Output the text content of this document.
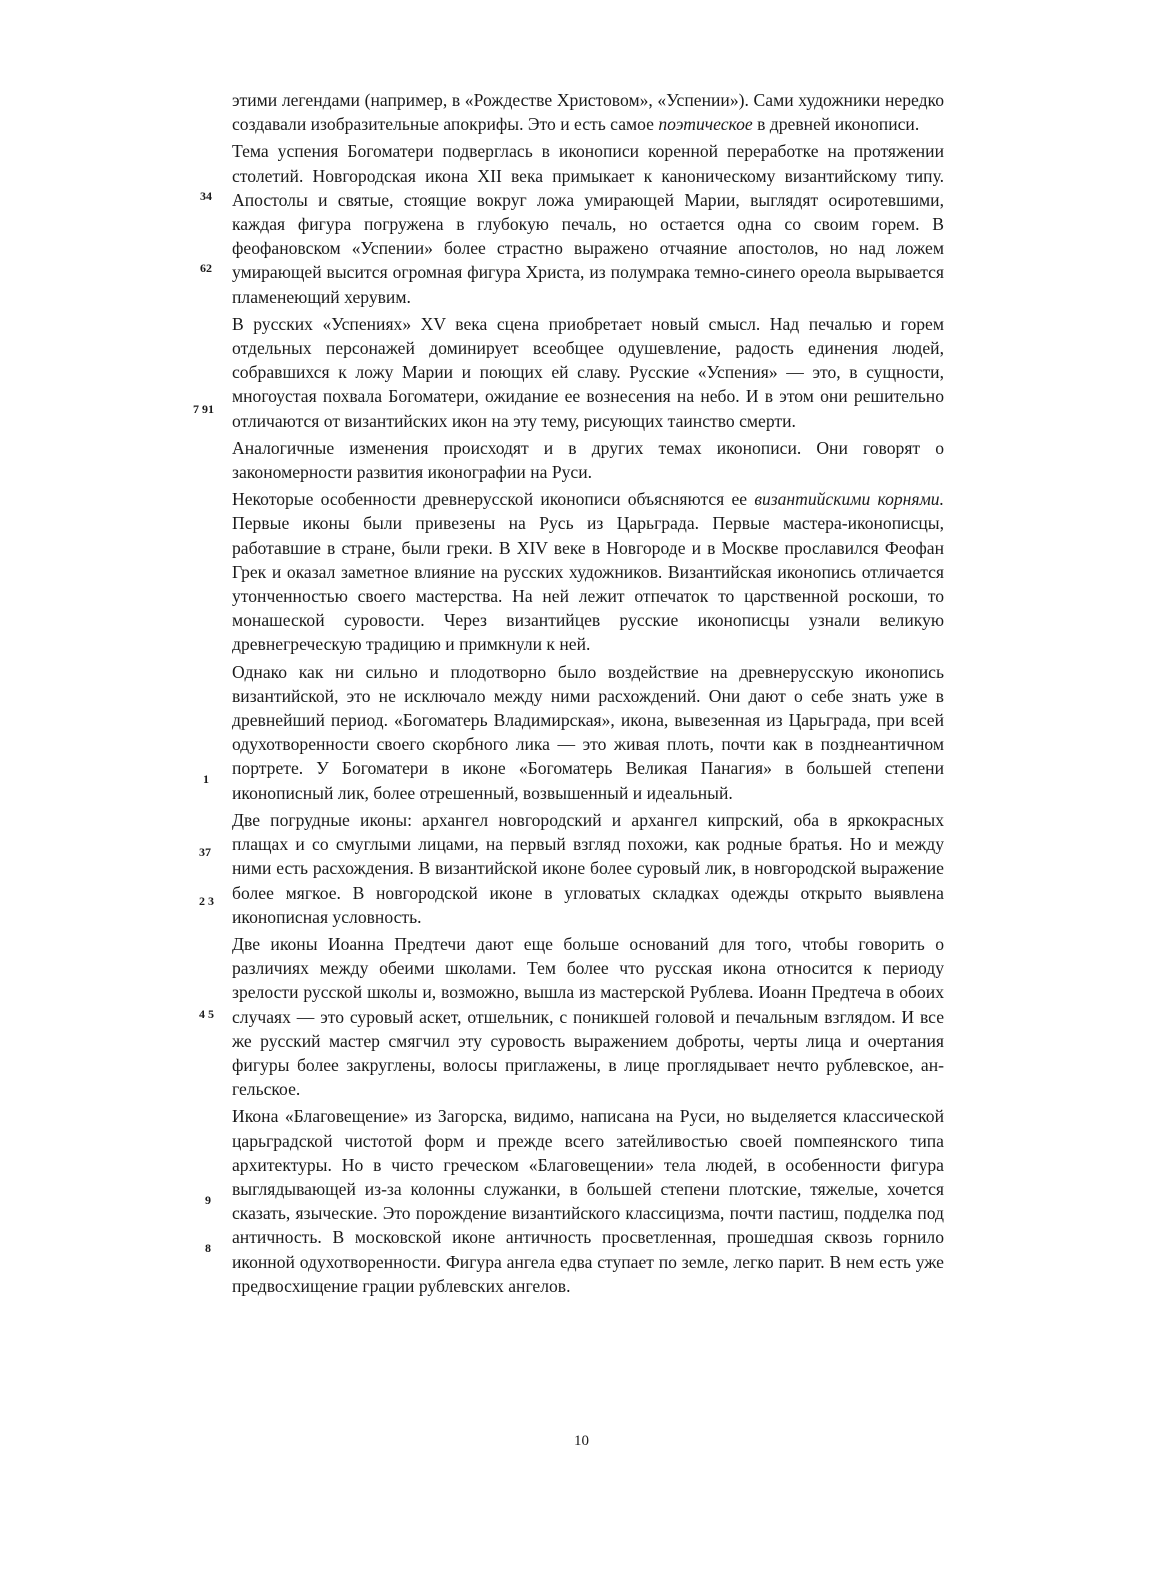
этими легендами (например, в «Рождестве Христовом», «Успении»). Сами художники нередко создавали изобразительные апокрифы. Это и есть самое поэтическое в древней иконописи.

Тема успения Богоматери подверглась в иконописи коренной переработке на протяжении столетий. Новгородская икона XII века примыкает к каноническому византийскому типу. Апостолы и святые, стоящие вокруг ложа умирающей Марии, выглядят осиротевшими, каждая фигура погружена в глубокую печаль, но остается одна со своим горем. В феофановском «Успении» более страстно выражено отчаяние апостолов, но над ложем умирающей высится огромная фигура Христа, из полумрака темно-синего ореола вырывается пламенеющий херувим.

В русских «Успениях» XV века сцена приобретает новый смысл. Над печалью и горем отдельных персонажей доминирует всеобщее одушевление, радость единения людей, собравшихся к ложу Марии и поющих ей славу. Русские «Успения» — это, в сущности, многоустая похвала Богоматери, ожидание ее вознесения на небо. И в этом они решительно отличаются от византийских икон на эту тему, рисующих таинство смерти.

Аналогичные изменения происходят и в других темах иконописи. Они говорят о закономерности развития иконографии на Руси.

Некоторые особенности древнерусской иконописи объясняются ее византийскими корнями. Первые иконы были привезены на Русь из Царьграда. Первые мастера-иконописцы, работавшие в стране, были греки. В XIV веке в Новгороде и в Москве прославился Феофан Грек и оказал заметное влияние на русских художников. Византийская иконопись отличается утонченностью своего мастерства. На ней лежит отпечаток то царственной роскоши, то монашеской суровости. Через византийцев русские иконописцы узнали великую древнегреческую традицию и примкнули к ней.

Однако как ни сильно и плодотворно было воздействие на древнерусскую иконопись византийской, это не исключало между ними расхождений. Они дают о себе знать уже в древнейший период. «Богоматерь Владимирская», икона, вывезенная из Царьграда, при всей одухотворенности своего скорбного лика — это живая плоть, почти как в позднеантичном портрете. У Богоматери в иконе «Богоматерь Великая Панагия» в большей степени иконописный лик, более отрешенный, возвышенный и идеальный.

Две погрудные иконы: архангел новгородский и архангел кипрский, оба в яркокрасных плащах и со смуглыми лицами, на первый взгляд похожи, как родные братья. Но и между ними есть расхождения. В византийской иконе более суровый лик, в новгородской выражение более мягкое. В новгородской иконе в угловатых складках одежды открыто выявлена иконописная условность.

Две иконы Иоанна Предтечи дают еще больше оснований для того, чтобы говорить о различиях между обеими школами. Тем более что русская икона относится к периоду зрелости русской школы и, возможно, вышла из мастерской Рублева. Иоанн Предтеча в обоих случаях — это суровый аскет, отшельник, с поникшей головой и печальным взглядом. И все же русский мастер смягчил эту суровость выражением доброты, черты лица и очертания фигуры более закруглены, волосы приглажены, в лице проглядывает нечто рублевское, ангельское.

Икона «Благовещение» из Загорска, видимо, написана на Руси, но выделяется классической царьградской чистотой форм и прежде всего затейливостью своей помпеянского типа архитектуры. Но в чисто греческом «Благовещении» тела людей, в особенности фигура выглядывающей из-за колонны служанки, в большей степени плотские, тяжелые, хочется сказать, языческие. Это порождение византийского классицизма, почти пастиш, подделка под античность. В московской иконе античность просветленная, прошедшая сквозь горнило иконной одухотворенности. Фигура ангела едва ступает по земле, легко парит. В нем есть уже предвосхищение грации рублевских ангелов.

34
62
7 91
1
37
2 3
4 5
9
8
10
